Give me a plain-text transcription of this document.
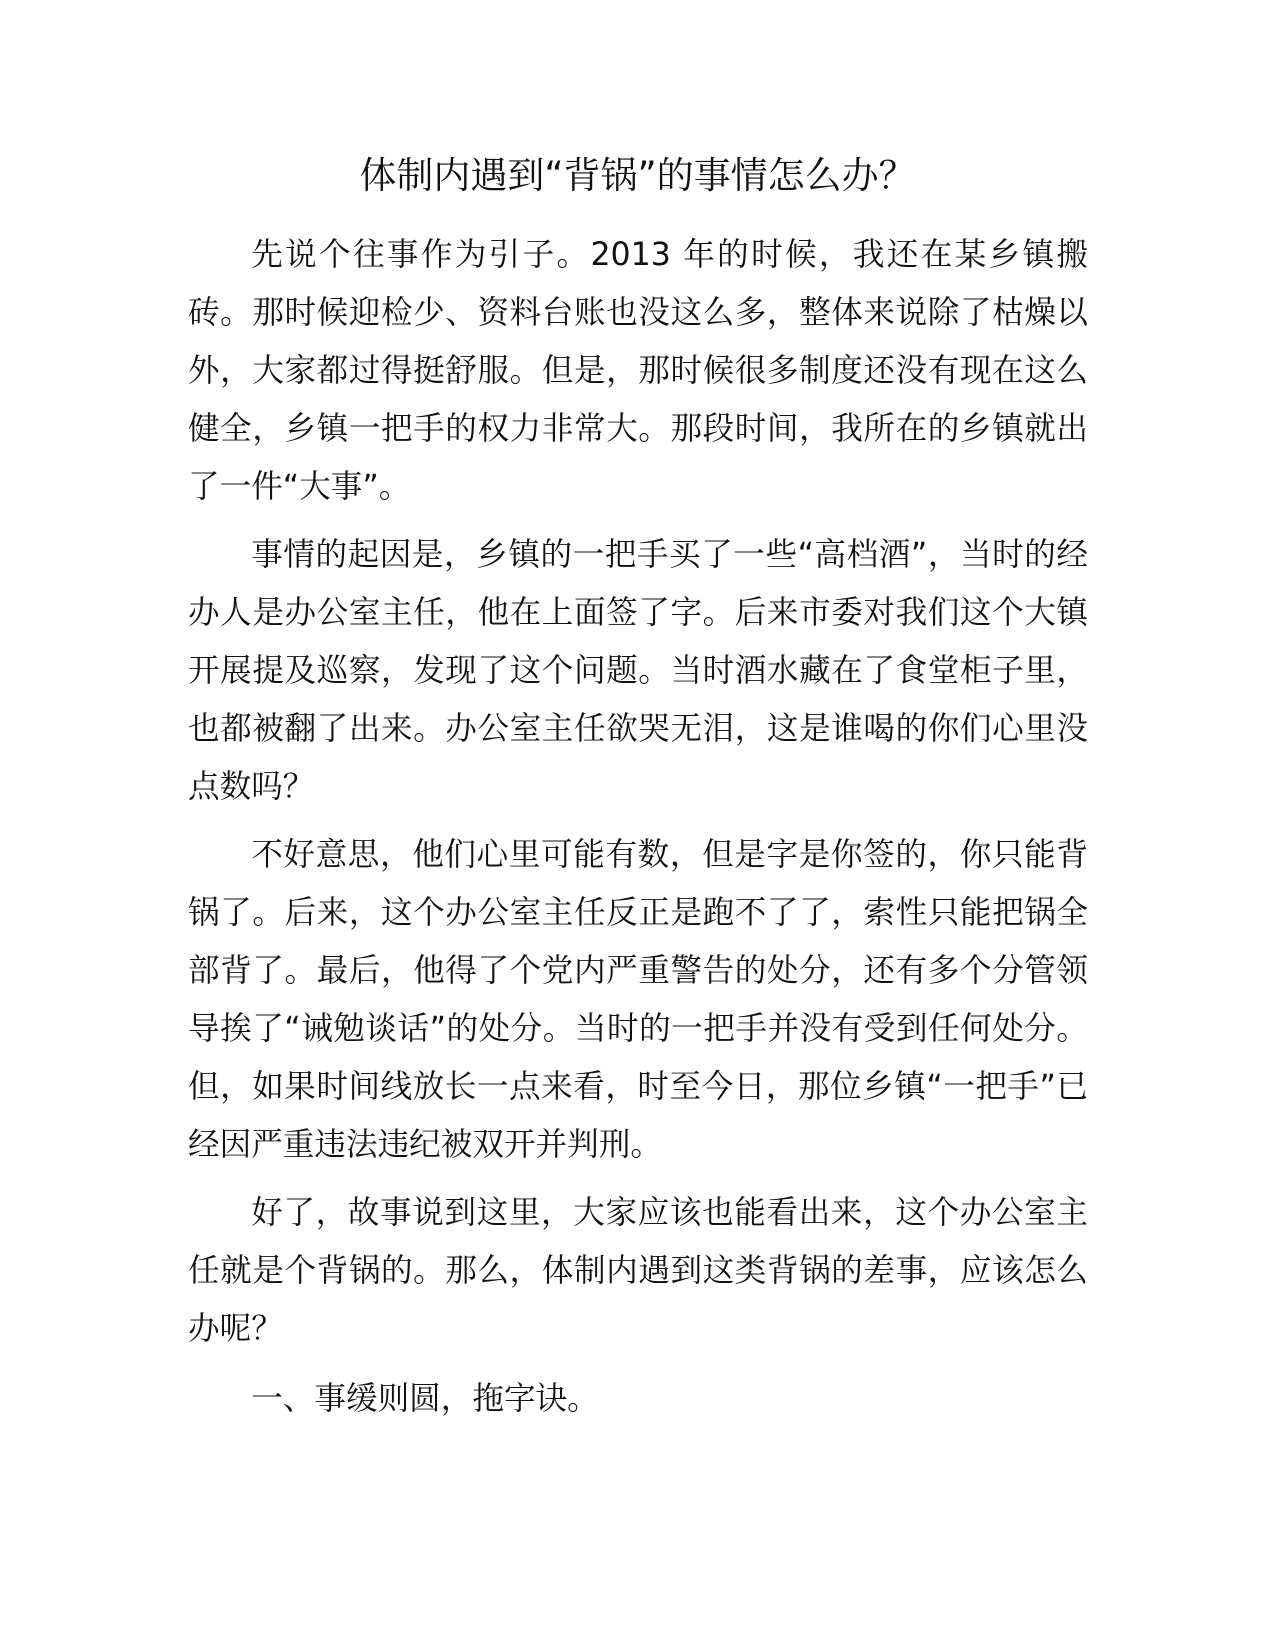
体制内遇到“背锅”的事情怎么办？

先说个往事作为引子。2013 年的时候，我还在某乡镇搬砖。那时候迎检少、资料台账也没这么多，整体来说除了枯燥以外，大家都过得挺舒服。但是，那时候很多制度还没有现在这么健全，乡镇一把手的权力非常大。那段时间，我所在的乡镇就出了一件“大事”。

事情的起因是，乡镇的一把手买了一些“高档酒”，当时的经办人是办公室主任，他在上面签了字。后来市委对我们这个大镇开展提及巡察，发现了这个问题。当时酒水藏在了食堂柜子里，也都被翻了出来。办公室主任欲哭无泪，这是谁喝的你们心里没点数吗？

不好意思，他们心里可能有数，但是字是你签的，你只能背锅了。后来，这个办公室主任反正是跑不了了，索性只能把锅全部背了。最后，他得了个党内严重警告的处分，还有多个分管领导挨了“诫勉谈话”的处分。当时的一把手并没有受到任何处分。但，如果时间线放长一点来看，时至今日，那位乡镇“一把手”已经因严重违法违纪被双开并判刑。

好了，故事说到这里，大家应该也能看出来，这个办公室主任就是个背锅的。那么，体制内遇到这类背锅的差事，应该怎么办呢？

一、事缓则圆，拖字诀。
